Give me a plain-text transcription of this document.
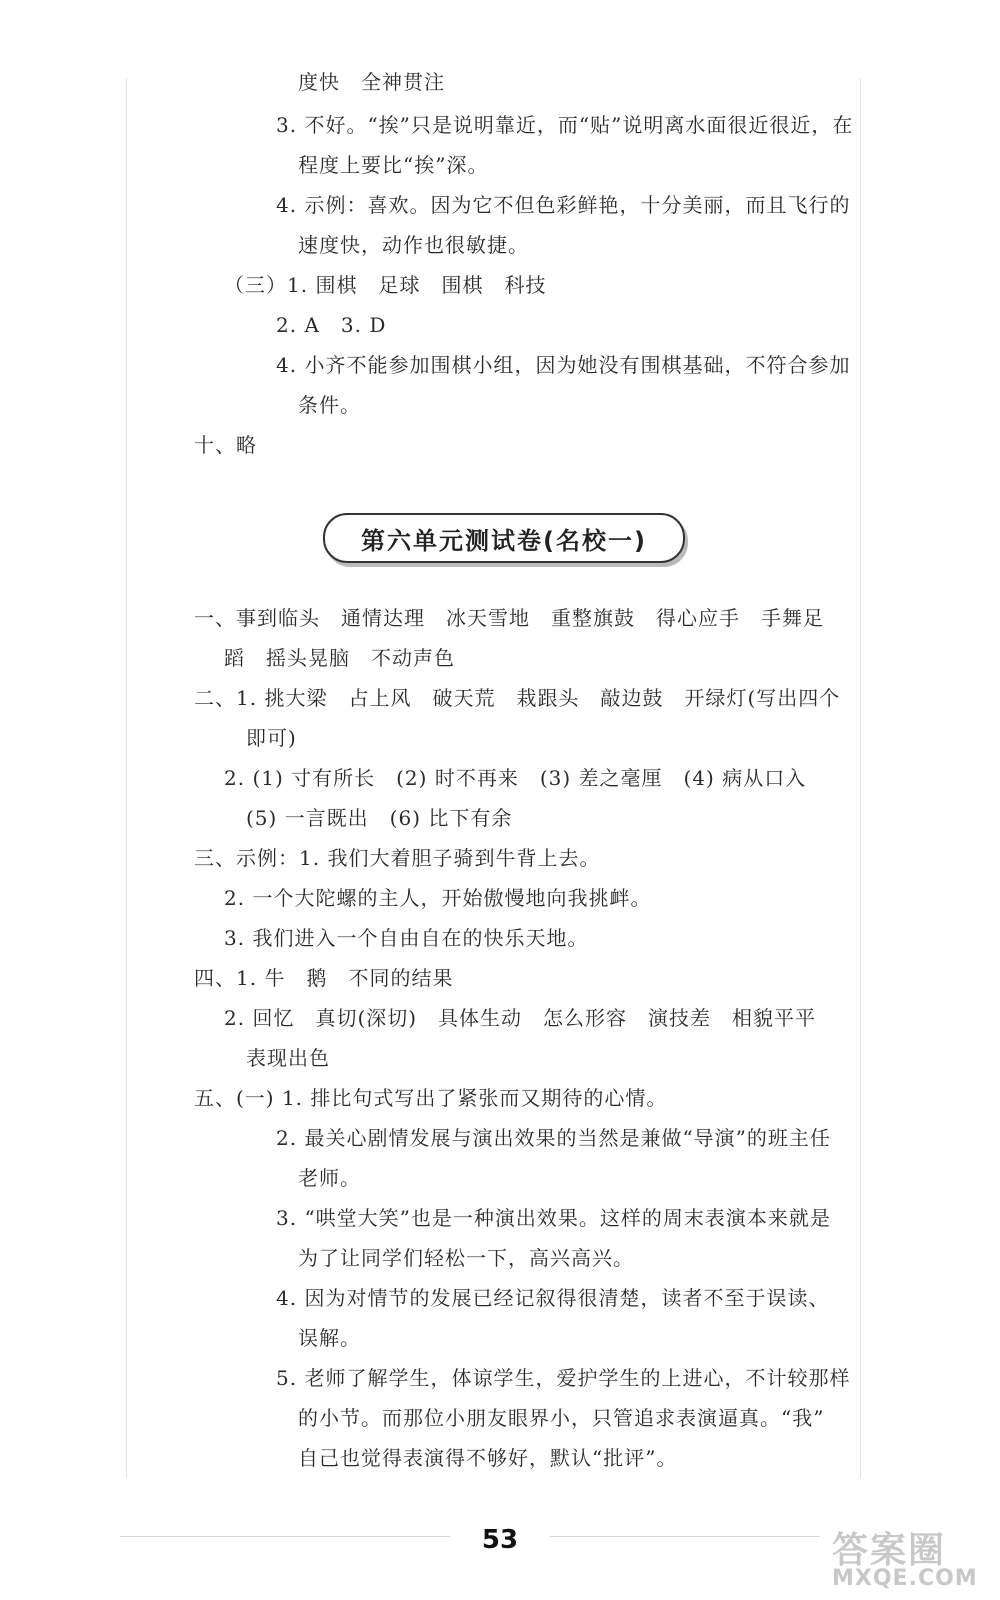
度快　全神贯注
3. 不好。“挨”只是说明靠近，而“贴”说明离水面很近很近，在
程度上要比“挨”深。
4. 示例：喜欢。因为它不但色彩鲜艳，十分美丽，而且飞行的
速度快，动作也很敏捷。
（三）1. 围棋　足球　围棋　科技
2. A　3. D
4. 小齐不能参加围棋小组，因为她没有围棋基础，不符合参加
条件。
十、略
第六单元测试卷(名校一)
一、事到临头　通情达理　冰天雪地　重整旗鼓　得心应手　手舞足
蹈　摇头晃脑　不动声色
二、1. 挑大梁　占上风　破天荒　栽跟头　敲边鼓　开绿灯(写出四个
即可)
2. (1) 寸有所长　(2) 时不再来　(3) 差之毫厘　(4) 病从口入
(5) 一言既出　(6) 比下有余
三、示例：1. 我们大着胆子骑到牛背上去。
2. 一个大陀螺的主人，开始傲慢地向我挑衅。
3. 我们进入一个自由自在的快乐天地。
四、1. 牛　鹅　不同的结果
2. 回忆　真切(深切)　具体生动　怎么形容　演技差　相貌平平
表现出色
五、(一) 1. 排比句式写出了紧张而又期待的心情。
2. 最关心剧情发展与演出效果的当然是兼做“导演”的班主任
老师。
3. “哄堂大笑”也是一种演出效果。这样的周末表演本来就是
为了让同学们轻松一下，高兴高兴。
4. 因为对情节的发展已经记叙得很清楚，读者不至于误读、
误解。
5. 老师了解学生，体谅学生，爱护学生的上进心，不计较那样
的小节。而那位小朋友眼界小，只管追求表演逼真。“我”
自己也觉得表演得不够好，默认“批评”。
53	答案圈
MXQE.COM
